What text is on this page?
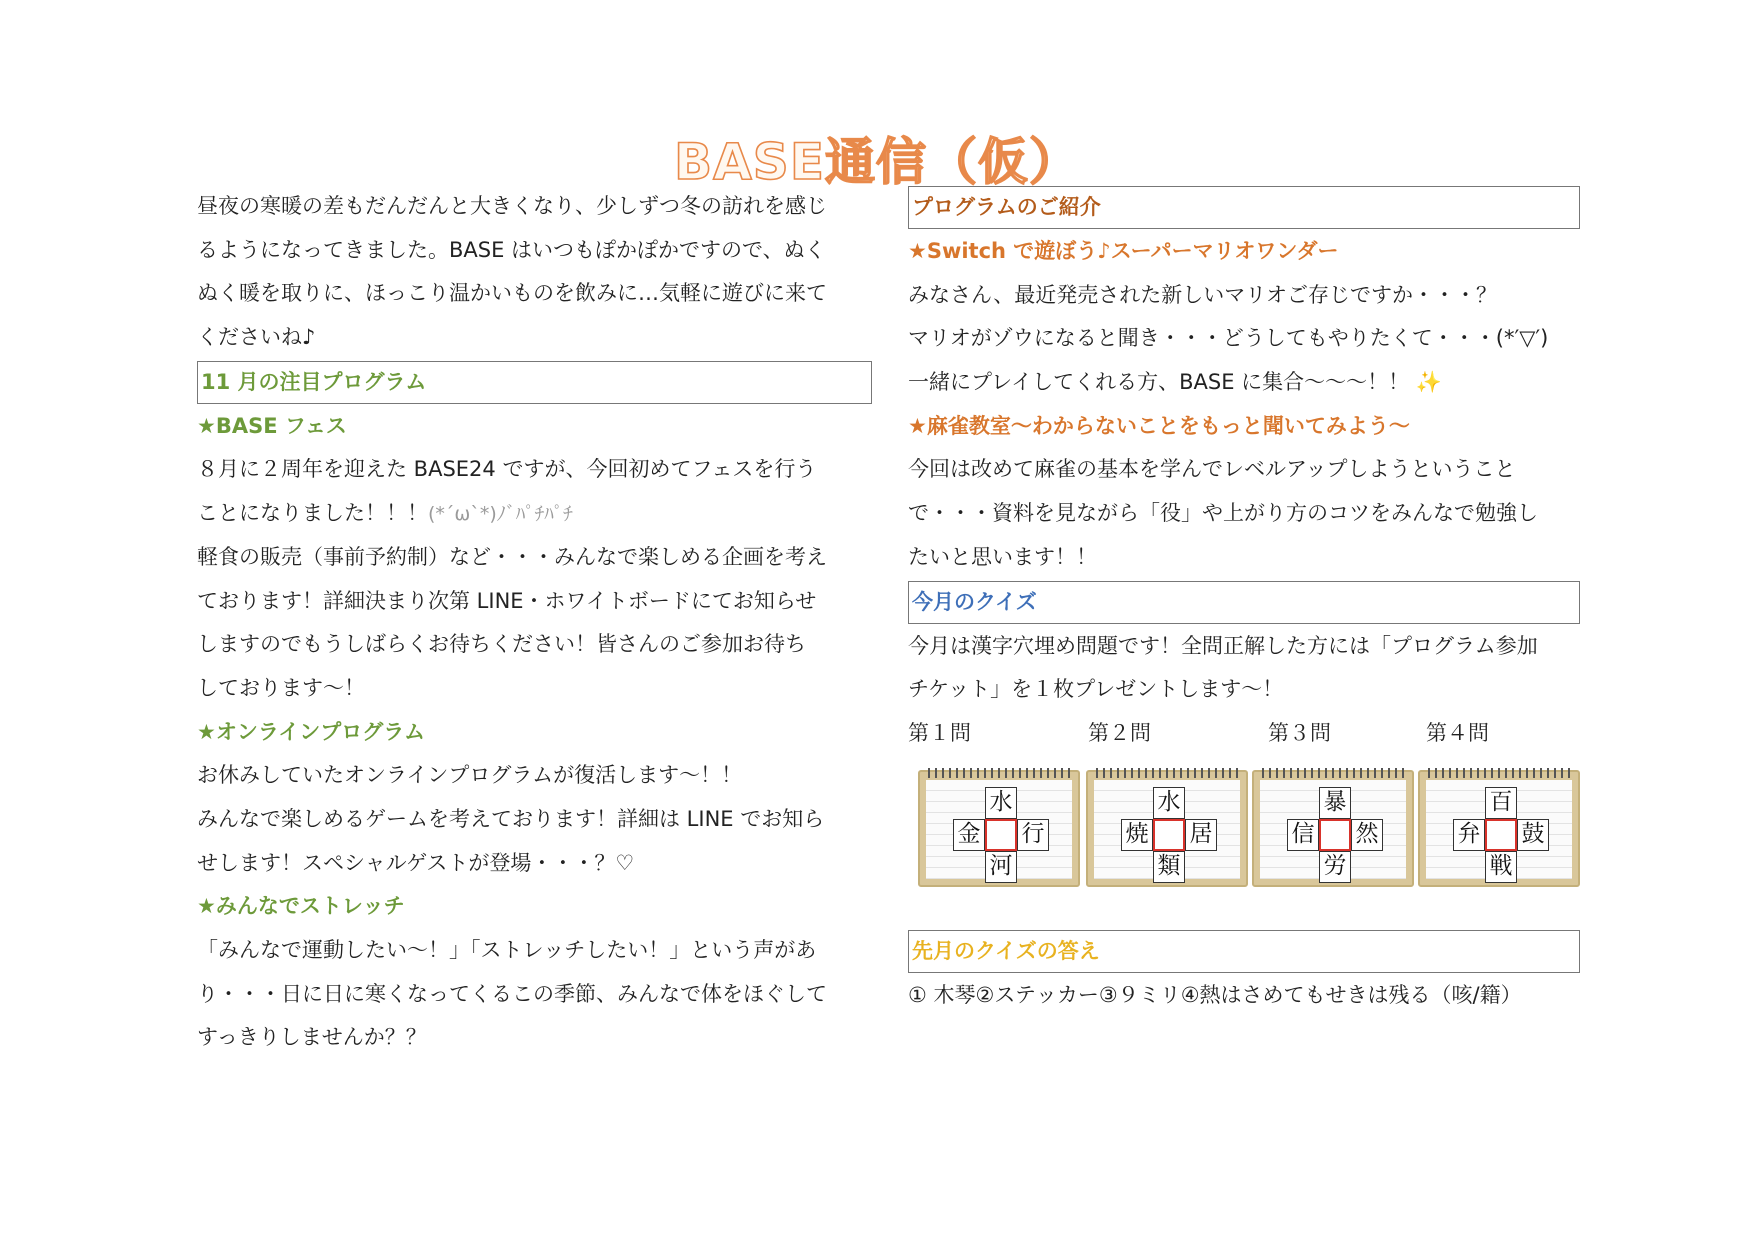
BASE通信（仮）
昼夜の寒暖の差もだんだんと大きくなり、少しずつ冬の訪れを感じ
るようになってきました。BASE はいつもぽかぽかですので、ぬく
ぬく暖を取りに、ほっこり温かいものを飲みに…気軽に遊びに来て
くださいね♪
11 月の注目プログラム
★BASE フェス
８月に２周年を迎えた BASE24 ですが、今回初めてフェスを行う
ことになりました！！！(*´ω`*)ﾉﾞﾊﾟﾁﾊﾟﾁ
軽食の販売（事前予約制）など・・・みんなで楽しめる企画を考え
ております！詳細決まり次第 LINE・ホワイトボードにてお知らせ
しますのでもうしばらくお待ちください！皆さんのご参加お待ち
しております～！
★オンラインプログラム
お休みしていたオンラインプログラムが復活します～！！
みんなで楽しめるゲームを考えております！詳細は LINE でお知ら
せします！スペシャルゲストが登場・・・？♡
★みんなでストレッチ
「みんなで運動したい～！」「ストレッチしたい！」という声があ
り・・・日に日に寒くなってくるこの季節、みんなで体をほぐして
すっきりしませんか？？
プログラムのご紹介
★Switch で遊ぼう♪スーパーマリオワンダー
みなさん、最近発売された新しいマリオご存じですか・・・？
マリオがゾウになると聞き・・・どうしてもやりたくて・・・(*′▽′)
一緒にプレイしてくれる方、BASE に集合～～～！！ ✨
★麻雀教室～わからないことをもっと聞いてみよう～
今回は改めて麻雀の基本を学んでレベルアップしようということ
で・・・資料を見ながら「役」や上がり方のコツをみんなで勉強し
たいと思います！！
今月のクイズ
今月は漢字穴埋め問題です！全問正解した方には「プログラム参加
チケット」を１枚プレゼントします～！
第１問	第２問	第３問	第４問
水
金 行
河
水
焼 居
類
暴
信 然
労
百
弁 鼓
戦
先月のクイズの答え
① 木琴②ステッカー③９ミリ④熱はさめてもせきは残る（咳/籍）
